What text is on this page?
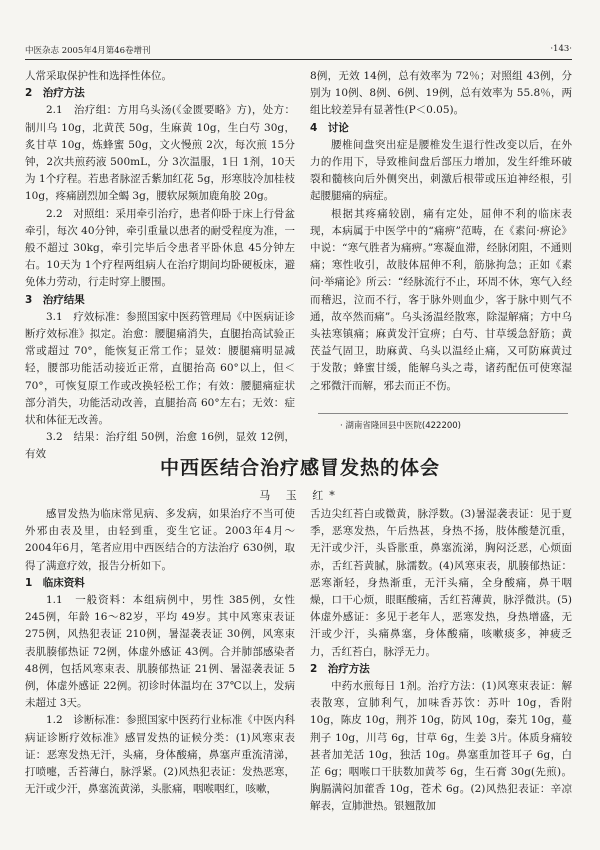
中医杂志 2005年4月第46卷增刊	·143·

人常采取保护性和选择性体位。

2　治疗方法

2.1　治疗组：方用乌头汤(《金匮要略》方)，处方：制川乌 10g，北黄芪 50g，生麻黄 10g，生白芍 30g，炙甘草 10g，炼蜂蜜 50g，文火慢煎 2次，每次煎 15分钟，2次共煎药液 500mL，分 3次温服，1日 1剂，10天为 1个疗程。若患者脉涩舌紫加红花 5g，形寒肢冷加桂枝 10g，疼痛剧烈加全蝎 3g，腰软尿频加鹿角胶 20g。

2.2　对照组：采用牵引治疗，患者仰卧于床上行骨盆牵引，每次 40分钟，牵引重量以患者的耐受程度为准，一般不超过 30kg，牵引完毕后令患者平卧休息 45分钟左右。10天为 1个疗程两组病人在治疗期间均卧硬板床，避免体力劳动，行走时穿上腰围。

3　治疗结果

3.1　疗效标准：参照国家中医药管理局《中医病证诊断疗效标准》拟定。治愈：腰腿痛消失，直腿抬高试验正常或超过 70°，能恢复正常工作；显效：腰腿痛明显减轻，腰部功能活动接近正常，直腿抬高 60°以上，但＜70°，可恢复原工作或改换轻松工作；有效：腰腿痛症状部分消失，功能活动改善，直腿抬高 60°左右；无效：症状和体征无改善。

3.2　结果：治疗组 50例，治愈 16例，显效 12例，有效

8例，无效 14例，总有效率为 72％；对照组 43例，分别为 10例、8例、6例、19例，总有效率为 55.8％，两组比较差异有显著性(P＜0.05)。

4　讨论

腰椎间盘突出症是腰椎发生退行性改变以后，在外力的作用下，导致椎间盘后部压力增加，发生纤维环破裂和髓核向后外侧突出，刺激后根带或压迫神经根，引起腰腿痛的病症。

根据其疼痛较剧，痛有定处，屈伸不利的临床表现，本病属于中医学中的“痛痹”范畴，在《素问·痹论》中说：“寒气胜者为痛痹。”寒凝血滞，经脉闭阻，不通则痛；寒性收引，故肢体屈伸不利，筋脉拘急；正如《素问·举痛论》所云：“经脉流行不止，环周不休，寒气入经而稽迟，泣而不行，客于脉外则血少，客于脉中则气不通，故卒然而痛”。乌头汤温经散寒，除湿解痛；方中乌头祛寒镇痛；麻黄发汗宣痹；白芍、甘草缓急舒筋；黄芪益气固卫，助麻黄、乌头以温经止痛，又可防麻黄过于发散；蜂蜜甘缓，能解乌头之毒，诸药配伍可使寒湿之邪微汗而解，邪去而正不伤。

· 湖南省隆回县中医院(422200)
中西医结合治疗感冒发热的体会
马 玉 红*

感冒发热为临床常见病、多发病，如果治疗不当可使外邪由表及里，由轻到重，变生它证。2003年4月～2004年6月，笔者应用中西医结合的方法治疗 630例，取得了满意疗效，报告分析如下。

1　临床资料

1.1　一般资料：本组病例中，男性 385例，女性 245例，年龄 16～82岁，平均 49岁。其中风寒束表证 275例，风热犯表证 210例，暑湿袭表证 30例，风寒束表肌腠郁热证 72例，体虚外感证 43例。合并肺部感染者 48例，包括风寒束表、肌腠郁热证 21例、暑湿袭表证 5例，体虚外感证 22例。初诊时体温均在 37℃以上，发病未超过 3天。

1.2　诊断标准：参照国家中医药行业标准《中医内科病证诊断疗效标准》感冒发热的证候分类：(1)风寒束表证：恶寒发热无汗，头痛，身体酸痛，鼻塞声重流清涕，打喷嚏，舌苔薄白，脉浮紧。(2)风热犯表证：发热恶寒，无汗或少汗，鼻塞流黄涕，头胀痛，咽喉咽红，咳嗽，

舌边尖红苔白或微黄，脉浮数。(3)暑湿袭表证：见于夏季，恶寒发热，午后热甚，身热不扬，肢体酸楚沉重，无汗或少汗，头昏胀重，鼻塞流涕，胸闷泛恶，心烦面赤，舌红苔黄腻，脉濡数。(4)风寒束表，肌腠郁热证：恶寒渐轻，身热渐重，无汗头痛，全身酸痛，鼻干咽燥，口干心烦，眼眶酸痛，舌红苔薄黄，脉浮微洪。(5)体虚外感证：多见于老年人，恶寒发热，身热增盛，无汗或少汗，头痛鼻塞，身体酸痛，咳嗽痰多，神疲乏力，舌红苔白，脉浮无力。

2　治疗方法

中药水煎每日 1剂。治疗方法：(1)风寒束表证：解表散寒，宣肺利气，加味香苏饮：苏叶 10g，香附 10g，陈皮 10g，荆芥 10g，防风 10g，秦艽 10g，蔓荆子 10g，川芎 6g，甘草 6g，生姜 3片。体质身痛较甚者加羌活 10g，独活 10g。鼻塞重加苍耳子 6g，白芷 6g；咽喉口干肤数加黄芩 6g，生石膏 30g(先煎)。胸膈满闷加藿香 10g，苍术 6g。(2)风热犯表证：辛凉解表，宣肺泄热。银翘散加
